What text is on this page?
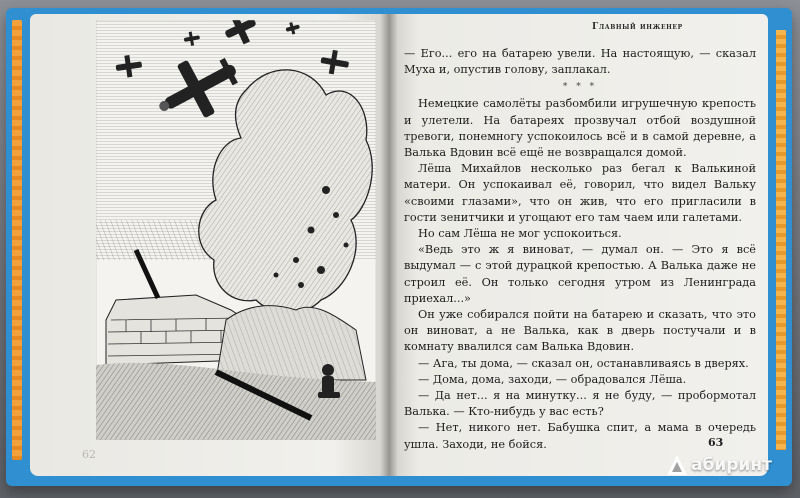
62
Главный инженер

— Его... его на батарею увели. На настоящую, — сказал Муха и, опустив голову, заплакал.

* * *

Немецкие самолёты разбомбили игрушечную крепость и улетели. На батареях прозвучал отбой воздушной тревоги, понемногу успокоилось всё и в самой деревне, а Валька Вдовин всё ещё не возвращался домой.

Лёша Михайлов несколько раз бегал к Валькиной матери. Он успокаивал её, говорил, что видел Вальку «своими глазами», что он жив, что его пригласили в гости зенитчики и угощают его там чаем или галетами.

Но сам Лёша не мог успокоиться.

«Ведь это ж я виноват, — думал он. — Это я всё выдумал — с этой дурацкой крепостью. А Валька даже не строил её. Он только сегодня утром из Ленинграда приехал...»

Он уже собирался пойти на батарею и сказать, что это он виноват, а не Валька, как в дверь постучали и в комнату ввалился сам Валька Вдовин.

— Ага, ты дома, — сказал он, останавливаясь в дверях.

— Дома, дома, заходи, — обрадовался Лёша.

— Да нет... я на минутку... я не буду, — пробормотал Валька. — Кто-нибудь у вас есть?

— Нет, никого нет. Бабушка спит, а мама в очередь ушла. Заходи, не бойся.	63
абиринт
